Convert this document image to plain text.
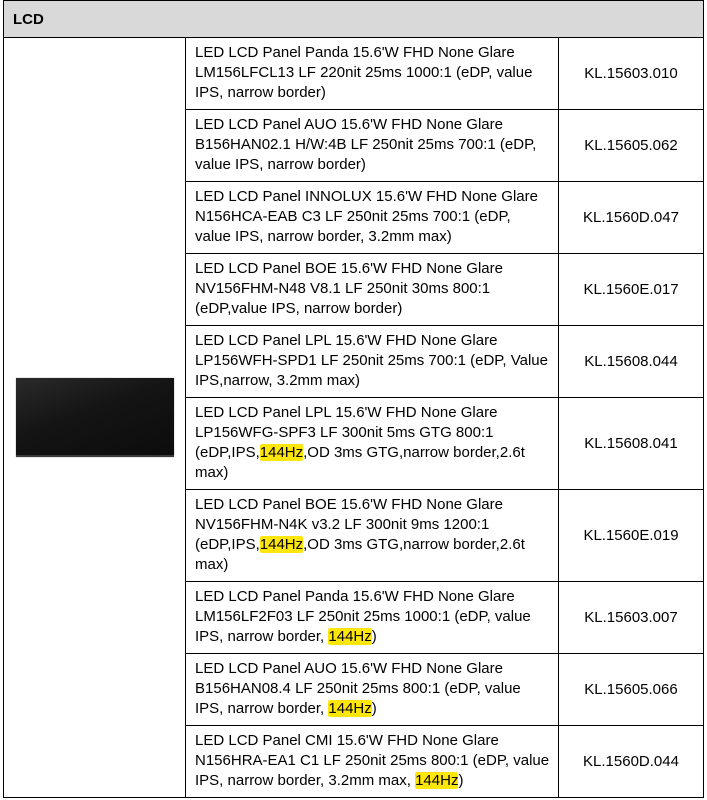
LCD		

	LED LCD Panel Panda 15.6'W FHD None Glare LM156LFCL13 LF 220nit 25ms 1000:1 (eDP, value IPS, narrow border)	KL.15603.010
	LED LCD Panel AUO 15.6'W FHD None Glare B156HAN02.1 H/W:4B LF 250nit 25ms 700:1 (eDP, value IPS, narrow border)	KL.15605.062
	LED LCD Panel INNOLUX 15.6'W FHD None Glare N156HCA-EAB C3 LF 250nit 25ms 700:1 (eDP, value IPS, narrow border, 3.2mm max)	KL.1560D.047
	LED LCD Panel BOE 15.6'W FHD None Glare NV156FHM-N48 V8.1 LF 250nit 30ms 800:1 (eDP,value IPS, narrow border)	KL.1560E.017
	LED LCD Panel LPL 15.6'W FHD None Glare LP156WFH-SPD1 LF 250nit 25ms 700:1 (eDP, Value IPS,narrow, 3.2mm max)	KL.15608.044
	LED LCD Panel LPL 15.6'W FHD None Glare LP156WFG-SPF3 LF 300nit 5ms GTG 800:1 (eDP,IPS,144Hz,OD 3ms GTG,narrow border,2.6t max)	KL.15608.041
	LED LCD Panel BOE 15.6'W FHD None Glare NV156FHM-N4K v3.2 LF 300nit 9ms 1200:1 (eDP,IPS,144Hz,OD 3ms GTG,narrow border,2.6t max)	KL.1560E.019
	LED LCD Panel Panda 15.6'W FHD None Glare LM156LF2F03 LF 250nit 25ms 1000:1 (eDP, value IPS, narrow border, 144Hz)	KL.15603.007
	LED LCD Panel AUO 15.6'W FHD None Glare B156HAN08.4 LF 250nit 25ms 800:1 (eDP, value IPS, narrow border, 144Hz)	KL.15605.066
	LED LCD Panel CMI 15.6'W FHD None Glare N156HRA-EA1 C1 LF 250nit 25ms 800:1 (eDP, value IPS, narrow border, 3.2mm max, 144Hz)	KL.1560D.044
